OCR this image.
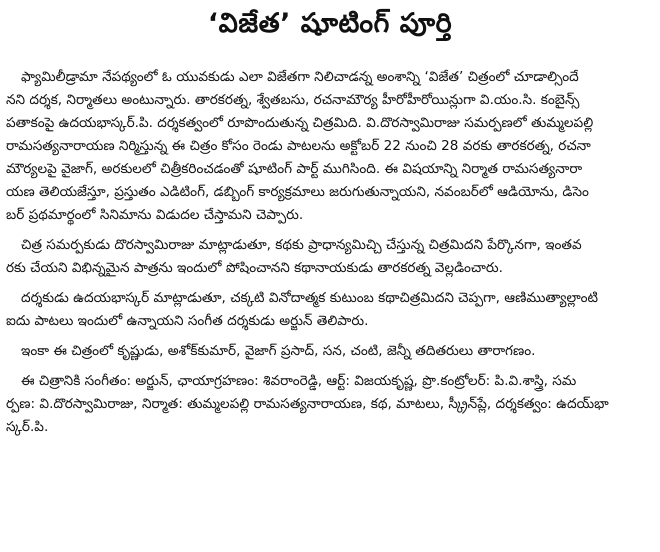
‘విజేత’ షూటింగ్ పూర్తి
ఫ్యామిలీడ్రామా నేపథ్యంలో ఓ యువకుడు ఎలా విజేతగా నిలిచాడన్న అంశాన్ని ‘విజేత’ చిత్రంలో చూడాల్సిందే
నని దర్శక, నిర్మాతలు అంటున్నారు. తారకరత్న, శ్వేతబసు, రచనామౌర్య హీరోహీరోయిన్లుగా వి.యం.సి. కంబైన్స్
పతాకంపై ఉదయభాస్కర్.పి. దర్శకత్వంలో రూపొందుతున్న చిత్రమిది. వి.దొరస్వామిరాజు సమర్పణలో తుమ్మలపల్లి
రామసత్యనారాయణ నిర్మిస్తున్న ఈ చిత్రం కోసం రెండు పాటలను అక్టోబర్ 22 నుంచి 28 వరకు తారకరత్న, రచనా
మౌర్యలపై వైజాగ్, అరకులలో చిత్రీకరించడంతో షూటింగ్ పార్ట్ ముగిసింది. ఈ విషయాన్ని నిర్మాత రామసత్యనారా
యణ తెలియజేస్తూ, ప్రస్తుతం ఎడిటింగ్, డబ్బింగ్ కార్యక్రమాలు జరుగుతున్నాయని, నవంబర్‌లో ఆడియోను, డిసెం
బర్ ప్రథమార్థంలో సినిమాను విడుదల చేస్తామని చెప్పారు.
చిత్ర సమర్పకుడు దొరస్వామిరాజు మాట్లాడుతూ, కథకు ప్రాధాన్యమిచ్చి చేస్తున్న చిత్రమిదని పేర్కొనగా, ఇంతవ
రకు చేయని విభిన్నమైన పాత్రను ఇందులో పోషించానని కథానాయకుడు తారకరత్న వెల్లడించారు.
దర్శకుడు ఉదయభాస్కర్ మాట్లాడుతూ, చక్కటి వినోదాత్మక కుటుంబ కథాచిత్రమిదని చెప్పగా, ఆణిముత్యాల్లాంటి
ఐదు పాటలు ఇందులో ఉన్నాయని సంగీత దర్శకుడు అర్జున్ తెలిపారు.
ఇంకా ఈ చిత్రంలో కృష్ణుడు, అశోక్‌కుమార్, వైజాగ్ ప్రసాద్, సన, చంటి, జెన్నీ తదితరులు తారాగణం.
ఈ చిత్రానికి సంగీతం: అర్జున్, ఛాయాగ్రహణం: శివరాంరెడ్డి, ఆర్ట్: విజయకృష్ణ, ప్రొ.కంట్రోలర్: పి.వి.శాస్త్రి, సమ
ర్పణ: వి.దొరస్వామిరాజు, నిర్మాత: తుమ్మలపల్లి రామసత్యనారాయణ, కథ, మాటలు, స్క్రీన్‌ప్లే, దర్శకత్వం: ఉదయ్‌భా
స్కర్.పి.
